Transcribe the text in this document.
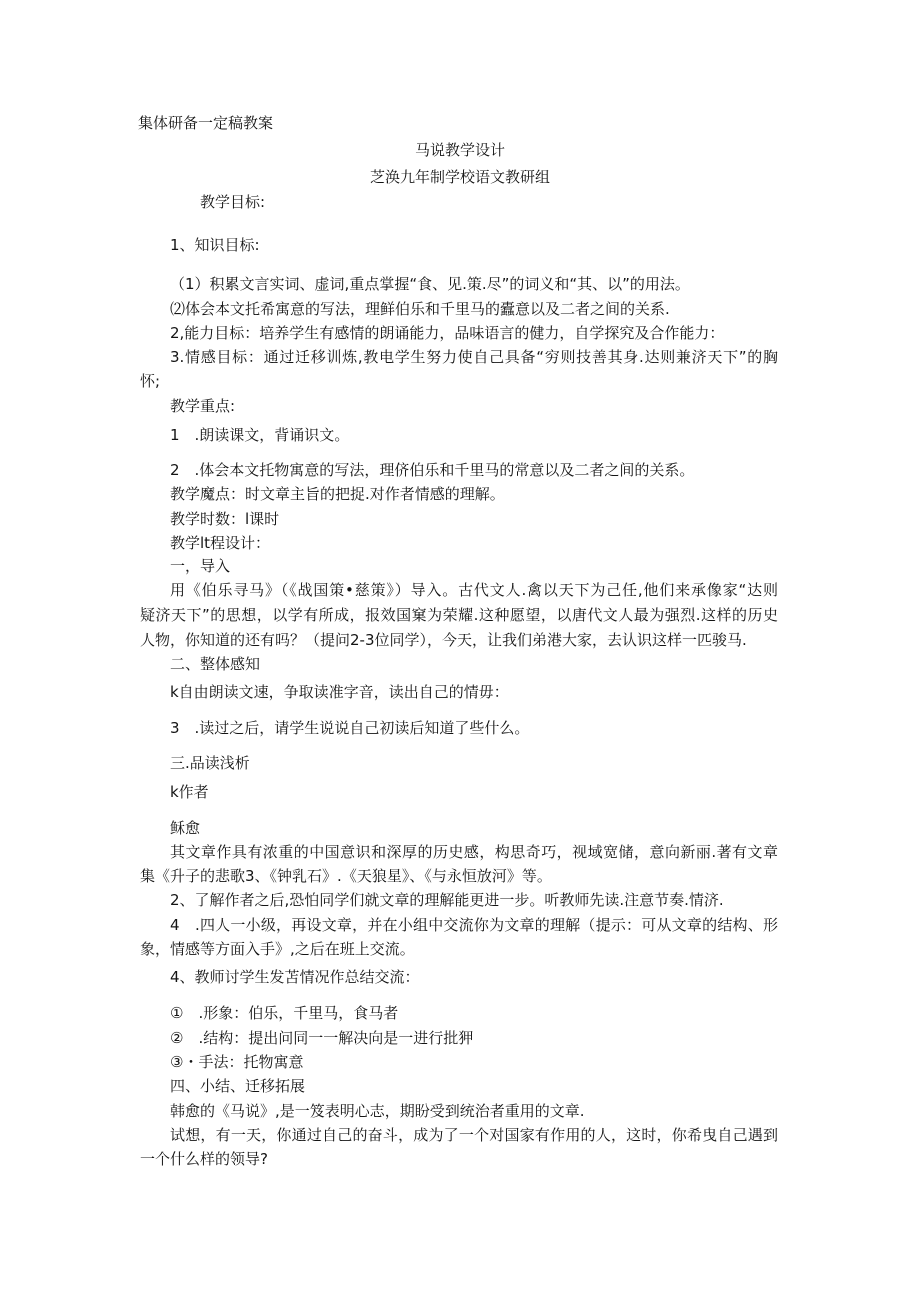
集体研备一定稿教案

马说教学设计

芝涣九年制学校语文教研组

教学目标:

1、知识目标:

（1）积累文言实词、虚词,重点掌握“食、见.策.尽”的词义和“其、以”的用法。

⑵体会本文托希寓意的写法，理鲜伯乐和千里马的蠹意以及二者之间的关系.

2,能力目标：培养学生有感情的朗诵能力，品味语言的健力，自学探究及合作能力：

3.情感目标：通过迁移训炼,教电学生努力使自己具备“穷则技善其身.达则兼济天下”的胸

怀;

教学重点:

1　.朗读课文，背诵识文。

2　.体会本文托物寓意的写法，理侪伯乐和千里马的常意以及二者之间的关系。

教学魔点：时文章主旨的把捉.对作者情感的理解。

教学时数：l课时

教学lt程设计：

一，导入

用《伯乐寻马》（《战国策•慈策》）导入。古代文人.禽以天下为己任,他们来承像家“达则

疑济天下”的思想，以学有所成，报效国窠为荣耀.这种愿望，以唐代文人最为强烈.这样的历史

人物，你知道的还有吗？（提问2-3位同学），今天，让我们弟港大家，去认识这样一匹骏马.

二、整体感知

k自由朗读文速，争取读准字音，读出自己的情毋：

3　.读过之后，请学生说说自己初读后知道了些什么。

三.品读浅析

k作者

稣愈

其文章作具有浓重的中国意识和深厚的历史感，构思奇巧，视域宽储，意向新丽.著有文章

集《升子的悲歌3、《钟乳石》.《天狼星》、《与永恒放河》等。

2、了解作者之后,恐怕同学们就文章的理解能更进一步。听教师先读.注意节奏.情济.

4　.四人一小级，再设文章，并在小组中交流你为文章的理解（提示：可从文章的结构、形

象，情感等方面入手》,之后在班上交流。

4、教师讨学生发苫情况作总结交流：

①　.形象：伯乐，千里马，食马者

②　.结构：提出问同一一解决向是一进行批狎

③・手法：托物寓意

四、小结、迁移拓展

韩愈的《马说》,是一笈表明心志，期盼受到统治者重用的文章.

试想，有一天，你通过自己的奋斗，成为了一个对国家有作用的人，这时，你希曳自己遇到

一个什么样的领导?
